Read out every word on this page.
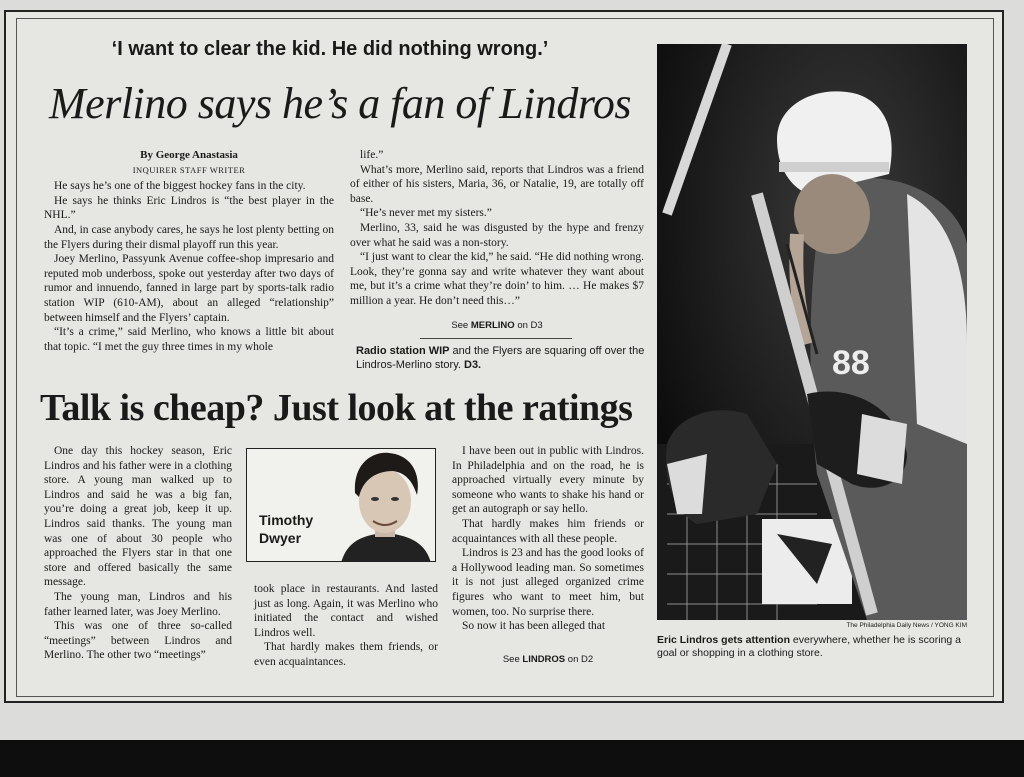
‘I want to clear the kid. He did nothing wrong.’
Merlino says he’s a fan of Lindros
By George Anastasia
INQUIRER STAFF WRITER

He says he’s one of the biggest hockey fans in the city.

He says he thinks Eric Lindros is “the best player in the NHL.”

And, in case anybody cares, he says he lost plenty betting on the Flyers during their dismal playoff run this year.

Joey Merlino, Passyunk Avenue coffee-shop impresario and reputed mob underboss, spoke out yesterday after two days of rumor and innuendo, fanned in large part by sports-talk radio station WIP (610-AM), about an alleged “relationship” between himself and the Flyers’ captain.

“It’s a crime,” said Merlino, who knows a little bit about that topic. “I met the guy three times in my whole

life.”

What’s more, Merlino said, reports that Lindros was a friend of either of his sisters, Maria, 36, or Natalie, 19, are totally off base.

“He’s never met my sisters.”

Merlino, 33, said he was disgusted by the hype and frenzy over what he said was a non-story.

“I just want to clear the kid,” he said. “He did nothing wrong. Look, they’re gonna say and write whatever they want about me, but it’s a crime what they’re doin’ to him. … He makes $7 million a year. He don’t need this…”

See MERLINO on D3
Radio station WIP and the Flyers are squaring off over the Lindros-Merlino story. D3.
Talk is cheap? Just look at the ratings

One day this hockey season, Eric Lindros and his father were in a clothing store. A young man walked up to Lindros and said he was a big fan, you’re doing a great job, keep it up. Lindros said thanks. The young man was one of about 30 people who approached the Flyers star in that one store and offered basically the same message.

The young man, Lindros and his father learned later, was Joey Merlino.

This was one of three so-called “meetings” between Lindros and Merlino. The other two “meetings”

Timothy
Dwyer

took place in restaurants. And lasted just as long. Again, it was Merlino who initiated the contact and wished Lindros well.

That hardly makes them friends, or even acquaintances.

I have been out in public with Lindros. In Philadelphia and on the road, he is approached virtually every minute by someone who wants to shake his hand or get an autograph or say hello.

That hardly makes him friends or acquaintances with all these people.

Lindros is 23 and has the good looks of a Hollywood leading man. So sometimes it is not just alleged organized crime figures who want to meet him, but women, too. No surprise there.

So now it has been alleged that

See LINDROS on D2
88
The Philadelphia Daily News / YONG KIM
Eric Lindros gets attention everywhere, whether he is scoring a goal or shopping in a clothing store.
